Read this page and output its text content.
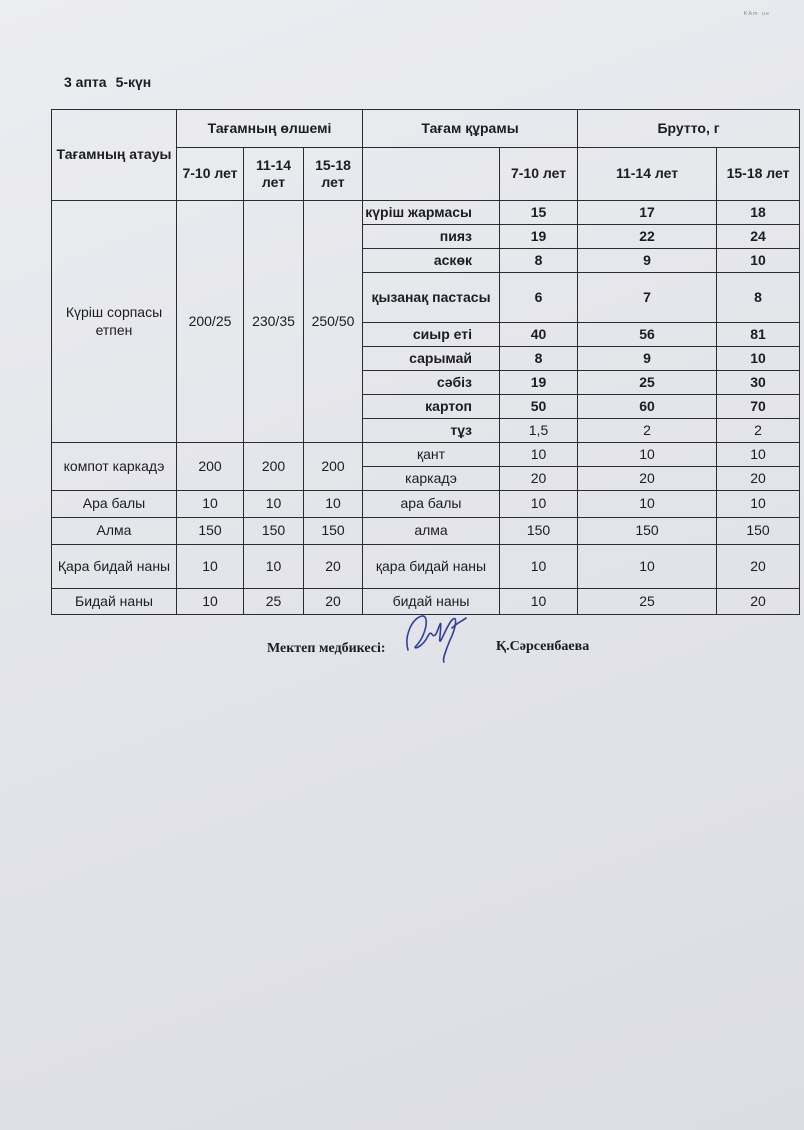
ᴷᴬᵐ ᵘᵉ
3 апта 5-күн
Тағамның атауы	Тағамның өлшемі			Тағам құрамы		Брутто, г	
	7-10 лет	11-14 лет	15-18 лет		7-10 лет	11-14 лет	15-18 лет
Күріш сорпасы етпен	200/25	230/35	250/50	күріш жармасы	15	17	18
				пияз	19	22	24
				аскөк	8	9	10
				қызанақ пастасы	6	7	8
				сиыр еті	40	56	81
				сарымай	8	9	10
				сәбіз	19	25	30
				картоп	50	60	70
				тұз	1,5	2	2
компот каркадэ	200	200	200	қант	10	10	10
				каркадэ	20	20	20
Ара балы	10	10	10	ара балы	10	10	10
Алма	150	150	150	алма	150	150	150
Қара бидай наны	10	10	20	қара бидай наны	10	10	20
Бидай наны	10	25	20	бидай наны	10	25	20
Мектеп медбикесі:	Қ.Сәрсенбаева
